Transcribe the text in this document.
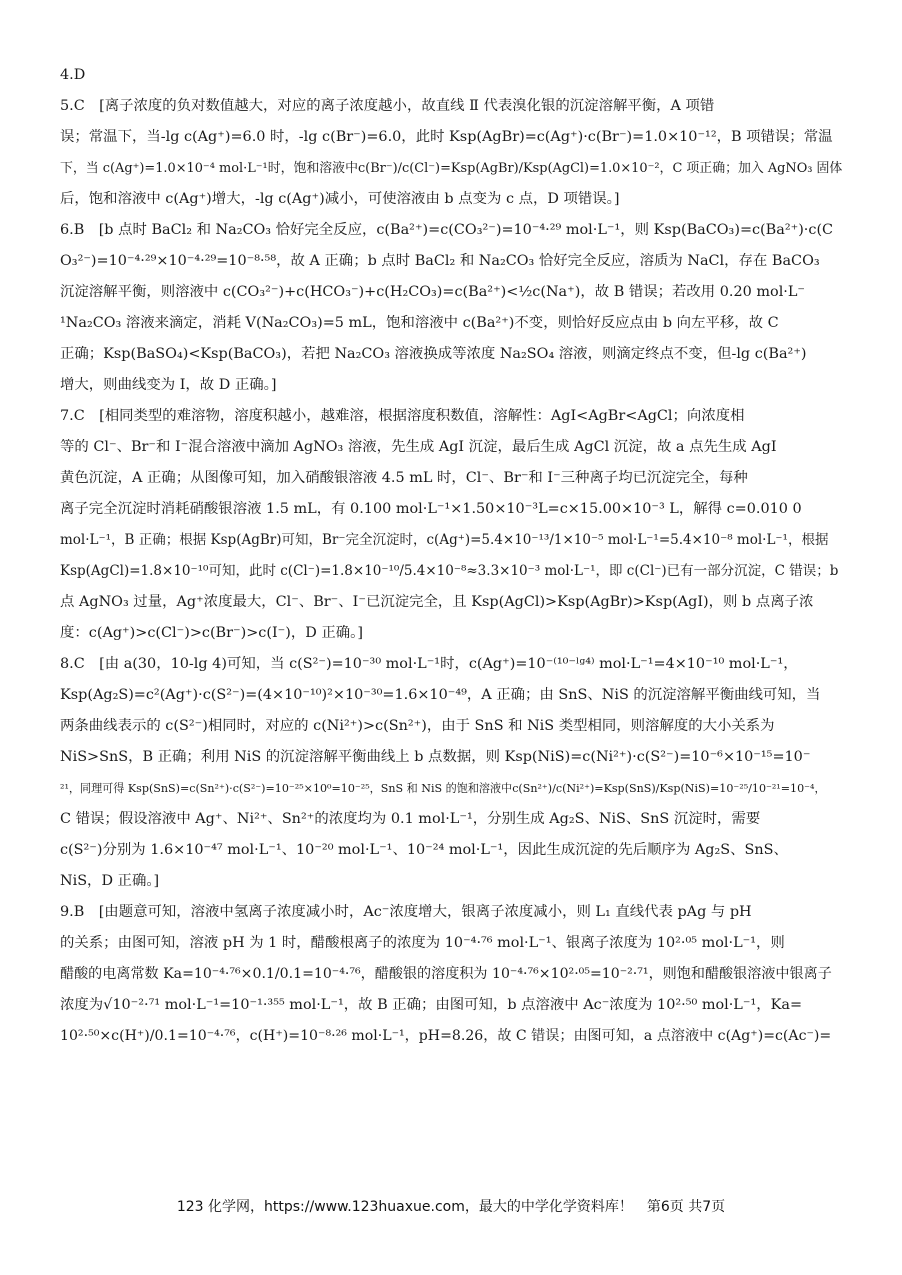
4.D
5.C　[离子浓度的负对数值越大，对应的离子浓度越小，故直线 Ⅱ 代表溴化银的沉淀溶解平衡，A 项错
误；常温下，当-lg c(Ag⁺)=6.0 时，-lg c(Br⁻)=6.0，此时 Ksp(AgBr)=c(Ag⁺)·c(Br⁻)=1.0×10⁻¹²，B 项错误；常温
下，当 c(Ag⁺)=1.0×10⁻⁴ mol·L⁻¹时，饱和溶液中c(Br⁻)/c(Cl⁻)=Ksp(AgBr)/Ksp(AgCl)=1.0×10⁻²，C 项正确；加入 AgNO₃ 固体
后，饱和溶液中 c(Ag⁺)增大，-lg c(Ag⁺)减小，可使溶液由 b 点变为 c 点，D 项错误。]
6.B　[b 点时 BaCl₂ 和 Na₂CO₃ 恰好完全反应，c(Ba²⁺)=c(CO₃²⁻)=10⁻⁴·²⁹ mol·L⁻¹，则 Ksp(BaCO₃)=c(Ba²⁺)·c(C
O₃²⁻)=10⁻⁴·²⁹×10⁻⁴·²⁹=10⁻⁸·⁵⁸，故 A 正确；b 点时 BaCl₂ 和 Na₂CO₃ 恰好完全反应，溶质为 NaCl，存在 BaCO₃
沉淀溶解平衡，则溶液中 c(CO₃²⁻)+c(HCO₃⁻)+c(H₂CO₃)=c(Ba²⁺)<½c(Na⁺)，故 B 错误；若改用 0.20 mol·L⁻
¹Na₂CO₃ 溶液来滴定，消耗 V(Na₂CO₃)=5 mL，饱和溶液中 c(Ba²⁺)不变，则恰好反应点由 b 向左平移，故 C
正确；Ksp(BaSO₄)<Ksp(BaCO₃)，若把 Na₂CO₃ 溶液换成等浓度 Na₂SO₄ 溶液，则滴定终点不变，但-lg c(Ba²⁺)
增大，则曲线变为 Ⅰ，故 D 正确。]
7.C　[相同类型的难溶物，溶度积越小，越难溶，根据溶度积数值，溶解性：AgI<AgBr<AgCl；向浓度相
等的 Cl⁻、Br⁻和 I⁻混合溶液中滴加 AgNO₃ 溶液，先生成 AgI 沉淀，最后生成 AgCl 沉淀，故 a 点先生成 AgI
黄色沉淀，A 正确；从图像可知，加入硝酸银溶液 4.5 mL 时，Cl⁻、Br⁻和 I⁻三种离子均已沉淀完全，每种
离子完全沉淀时消耗硝酸银溶液 1.5 mL，有 0.100 mol·L⁻¹×1.50×10⁻³L=c×15.00×10⁻³ L，解得 c=0.010 0
mol·L⁻¹，B 正确；根据 Ksp(AgBr)可知，Br⁻完全沉淀时，c(Ag⁺)=5.4×10⁻¹³/1×10⁻⁵ mol·L⁻¹=5.4×10⁻⁸ mol·L⁻¹，根据
Ksp(AgCl)=1.8×10⁻¹⁰可知，此时 c(Cl⁻)=1.8×10⁻¹⁰/5.4×10⁻⁸≈3.3×10⁻³ mol·L⁻¹，即 c(Cl⁻)已有一部分沉淀，C 错误；b
点 AgNO₃ 过量，Ag⁺浓度最大，Cl⁻、Br⁻、I⁻已沉淀完全，且 Ksp(AgCl)>Ksp(AgBr)>Ksp(AgI)，则 b 点离子浓
度：c(Ag⁺)>c(Cl⁻)>c(Br⁻)>c(I⁻)，D 正确。]
8.C　[由 a(30，10-lg 4)可知，当 c(S²⁻)=10⁻³⁰ mol·L⁻¹时，c(Ag⁺)=10⁻⁽¹⁰⁻ˡᵍ⁴⁾ mol·L⁻¹=4×10⁻¹⁰ mol·L⁻¹，
Ksp(Ag₂S)=c²(Ag⁺)·c(S²⁻)=(4×10⁻¹⁰)²×10⁻³⁰=1.6×10⁻⁴⁹，A 正确；由 SnS、NiS 的沉淀溶解平衡曲线可知，当
两条曲线表示的 c(S²⁻)相同时，对应的 c(Ni²⁺)>c(Sn²⁺)，由于 SnS 和 NiS 类型相同，则溶解度的大小关系为
NiS>SnS，B 正确；利用 NiS 的沉淀溶解平衡曲线上 b 点数据，则 Ksp(NiS)=c(Ni²⁺)·c(S²⁻)=10⁻⁶×10⁻¹⁵=10⁻
²¹，同理可得 Ksp(SnS)=c(Sn²⁺)·c(S²⁻)=10⁻²⁵×10⁰=10⁻²⁵，SnS 和 NiS 的饱和溶液中c(Sn²⁺)/c(Ni²⁺)=Ksp(SnS)/Ksp(NiS)=10⁻²⁵/10⁻²¹=10⁻⁴，
C 错误；假设溶液中 Ag⁺、Ni²⁺、Sn²⁺的浓度均为 0.1 mol·L⁻¹，分别生成 Ag₂S、NiS、SnS 沉淀时，需要
c(S²⁻)分别为 1.6×10⁻⁴⁷ mol·L⁻¹、10⁻²⁰ mol·L⁻¹、10⁻²⁴ mol·L⁻¹，因此生成沉淀的先后顺序为 Ag₂S、SnS、
NiS，D 正确。]
9.B　[由题意可知，溶液中氢离子浓度减小时，Ac⁻浓度增大，银离子浓度减小，则 L₁ 直线代表 pAg 与 pH
的关系；由图可知，溶液 pH 为 1 时，醋酸根离子的浓度为 10⁻⁴·⁷⁶ mol·L⁻¹、银离子浓度为 10²·⁰⁵ mol·L⁻¹，则
醋酸的电离常数 Ka=10⁻⁴·⁷⁶×0.1/0.1=10⁻⁴·⁷⁶，醋酸银的溶度积为 10⁻⁴·⁷⁶×10²·⁰⁵=10⁻²·⁷¹，则饱和醋酸银溶液中银离子
浓度为√10⁻²·⁷¹ mol·L⁻¹=10⁻¹·³⁵⁵ mol·L⁻¹，故 B 正确；由图可知，b 点溶液中 Ac⁻浓度为 10²·⁵⁰ mol·L⁻¹，Ka=
10²·⁵⁰×c(H⁺)/0.1=10⁻⁴·⁷⁶，c(H⁺)=10⁻⁸·²⁶ mol·L⁻¹，pH=8.26，故 C 错误；由图可知，a 点溶液中 c(Ag⁺)=c(Ac⁻)=
123 化学网，https://www.123huaxue.com，最大的中学化学资料库！　第6页 共7页
